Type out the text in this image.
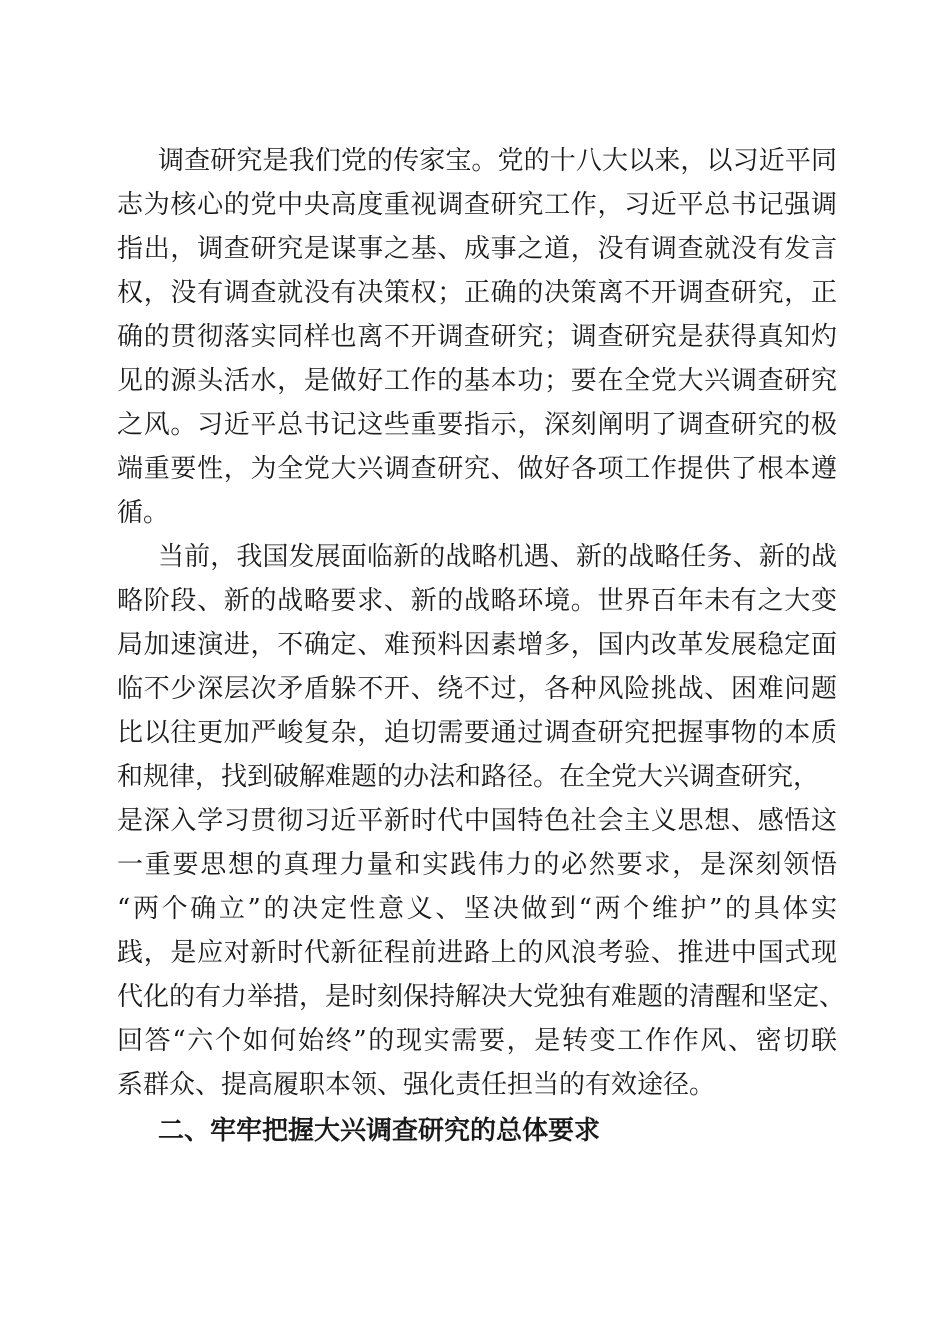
调查研究是我们党的传家宝。党的十八大以来，以习近平同
志为核心的党中央高度重视调查研究工作，习近平总书记强调
指出，调查研究是谋事之基、成事之道，没有调查就没有发言
权，没有调查就没有决策权；正确的决策离不开调查研究，正
确的贯彻落实同样也离不开调查研究；调查研究是获得真知灼
见的源头活水，是做好工作的基本功；要在全党大兴调查研究
之风。习近平总书记这些重要指示，深刻阐明了调查研究的极
端重要性，为全党大兴调查研究、做好各项工作提供了根本遵
循。
当前，我国发展面临新的战略机遇、新的战略任务、新的战
略阶段、新的战略要求、新的战略环境。世界百年未有之大变
局加速演进，不确定、难预料因素增多，国内改革发展稳定面
临不少深层次矛盾躲不开、绕不过，各种风险挑战、困难问题
比以往更加严峻复杂，迫切需要通过调查研究把握事物的本质
和规律，找到破解难题的办法和路径。在全党大兴调查研究，
是深入学习贯彻习近平新时代中国特色社会主义思想、感悟这
一重要思想的真理力量和实践伟力的必然要求，是深刻领悟
“两个确立”的决定性意义、坚决做到“两个维护”的具体实
践，是应对新时代新征程前进路上的风浪考验、推进中国式现
代化的有力举措，是时刻保持解决大党独有难题的清醒和坚定、
回答“六个如何始终”的现实需要，是转变工作作风、密切联
系群众、提高履职本领、强化责任担当的有效途径。
二、牢牢把握大兴调查研究的总体要求
